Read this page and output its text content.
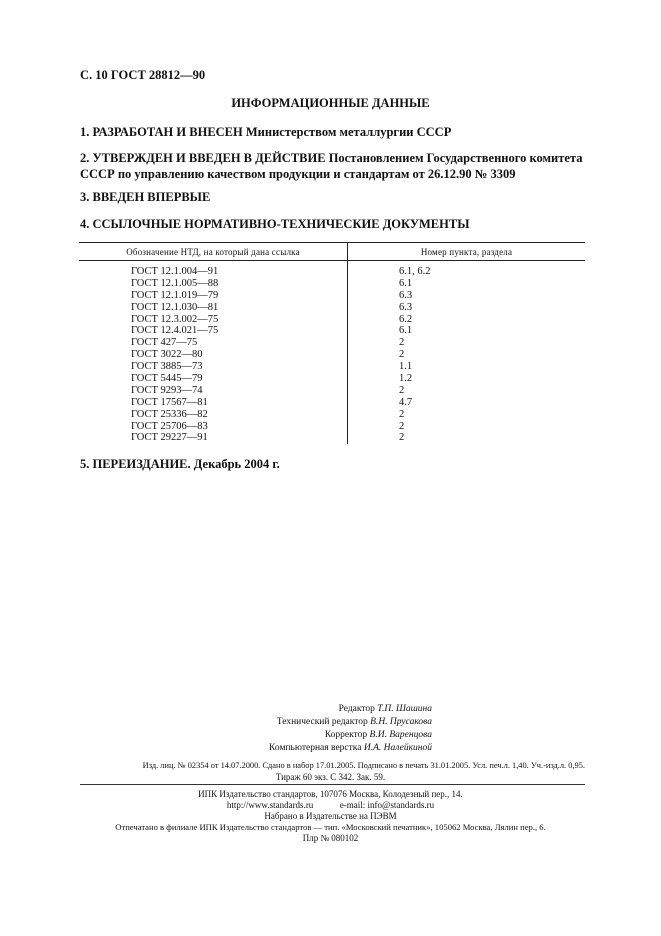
С. 10 ГОСТ 28812—90
ИНФОРМАЦИОННЫЕ ДАННЫЕ
1. РАЗРАБОТАН И ВНЕСЕН Министерством металлургии СССР
2. УТВЕРЖДЕН И ВВЕДЕН В ДЕЙСТВИЕ Постановлением Государственного комитета СССР по управлению качеством продукции и стандартам от 26.12.90 № 3309
3. ВВЕДЕН ВПЕРВЫЕ
4. ССЫЛОЧНЫЕ НОРМАТИВНО-ТЕХНИЧЕСКИЕ ДОКУМЕНТЫ
Обозначение НТД, на который дана ссылка	Номер пункта, раздела
ГОСТ 12.1.004—91	6.1, 6.2
ГОСТ 12.1.005—88	6.1
ГОСТ 12.1.019—79	6.3
ГОСТ 12.1.030—81	6.3
ГОСТ 12.3.002—75	6.2
ГОСТ 12.4.021—75	6.1
ГОСТ 427—75	2
ГОСТ 3022—80	2
ГОСТ 3885—73	1.1
ГОСТ 5445—79	1.2
ГОСТ 9293—74	2
ГОСТ 17567—81	4.7
ГОСТ 25336—82	2
ГОСТ 25706—83	2
ГОСТ 29227—91	2
5. ПЕРЕИЗДАНИЕ. Декабрь 2004 г.
Редактор Т.П. Шашина
Технический редактор В.Н. Прусакова
Корректор В.И. Варенцова
Компьютерная верстка И.А. Налейкиной
Изд. лиц. № 02354 от 14.07.2000. Сдано в набор 17.01.2005. Подписано в печать 31.01.2005. Усл. печ.л. 1,40. Уч.-изд.л. 0,95.
Тираж 60 экз. С 342. Зак. 59.
ИПК Издательство стандартов, 107076 Москва, Колодезный пер., 14.
http://www.standards.ru	e-mail: info@standards.ru
Набрано в Издательстве на ПЭВМ
Отпечатано в филиале ИПК Издательство стандартов — тип. «Московский печатник», 105062 Москва, Лялин пер., 6.
Плр № 080102
